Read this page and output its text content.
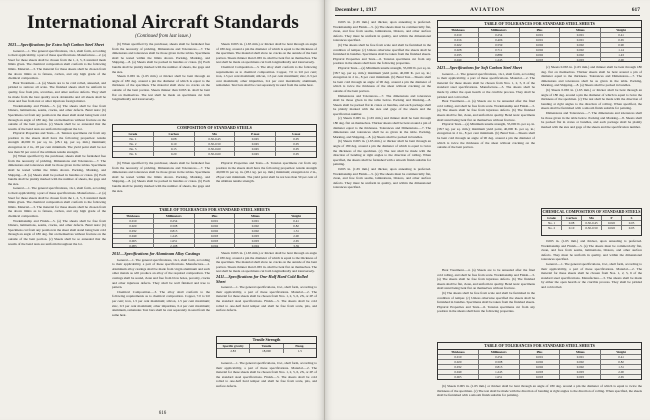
International Aircraft Standards
(Continued from last issue.)
2021—Specifications for Extra Soft Carbon Steel Sheet

General.—1. The general specifications, 1G1, shall form, according to their applicability, a part of these specifications. Manufacture.—2. (a) Steel for these sheets shall be chosen from the 1, 2, 5, 6 standard mesh limits given. The chemical composition shall conform to the following limits. Material.—3. The material for these sheets shall be chosen from the above limits as to fatness, carbon, and any high grade of the chemical composition.

Heat Treatment.—4. (a) Sheets are to be cold rolled, annealed, and pickled to remove all scale. The finished sheets shall be uniform in quality, free from pits, scratches, and other surface defects. They shall be made from the best quality stock obtainable and all sheets shall be clean and free from rust or other injurious foreign matter.

Workmanship and Finish.—5. (a) The sheets shall be free from blisters, laminations, seams, cracks, and other defects. Bend tests: (b) Specimens cut from any position in the sheet shall stand being bent cold through an angle of 180 deg. flat on themselves without fracture on the outside of the bent portion. (c) Sheets shall be so annealed that the results of the bend tests are uniform throughout the lot.

Physical Properties and Tests.—6. Tension specimens cut from any position in the sheets shall have the following properties: tensile strength 40,000 lb per sq. in. (28.1 kg. per sq. mm.) minimum; elongation in 2 in., 28 per cent minimum. The yield point shall be not less than 50 per cent of the ultimate tensile strength.

(b) When specified by the purchaser, sheets shall be furnished free from the necessity of pickling. Dimensions and Tolerances.—7. The dimensions and tolerances shall be those given in the tables. Specimens shall be tested within the limits shown. Packing, Marking, and Shipping.—8. (a) Sheets shall be packed in bundles or crates. (b) Each bundle shall be plainly marked with the number of sheets, the gage and the size.

General.—1. The general specifications, 1G1, shall form, according to their applicability, a part of these specifications. Manufacture.—2. (a) Steel for these sheets shall be chosen from the 1, 2, 5, 6 standard mesh limits given. The chemical composition shall conform to the following limits. Material.—3. The material for these sheets shall be chosen from the above limits as to fatness, carbon, and any high grade of the chemical composition.

Workmanship and Finish.—5. (a) The sheets shall be free from blisters, laminations, seams, cracks, and other defects. Bend tests: (b) Specimens cut from any position in the sheet shall stand being bent cold through an angle of 180 deg. flat on themselves without fracture on the outside of the bent portion. (c) Sheets shall be so annealed that the results of the bend tests are uniform throughout the lot.

(b) When specified by the purchaser, sheets shall be furnished free from the necessity of pickling. Dimensions and Tolerances.—7. The dimensions and tolerances shall be those given in the tables. Specimens shall be tested within the limits shown. Packing, Marking, and Shipping.—8. (a) Sheets shall be packed in bundles or crates. (b) Each bundle shall be plainly marked with the number of sheets, the gage and the size.

Sheets 0.065 in. (1.65 mm.) or thicker shall be bent through an angle of 180 deg. around a pin the diameter of which is equal to the thickness of the specimen. The material shall show no cracks on the outside of the bent portion. Sheets thinner than 0.065 in. shall be bent flat on themselves. The test shall be made on specimens cut both longitudinally and transversely.

Sheets 0.065 in. (1.65 mm.) or thicker shall be bent through an angle of 180 deg. around a pin the diameter of which is equal to the thickness of the specimen. The material shall show no cracks on the outside of the bent portion. Sheets thinner than 0.065 in. shall be bent flat on themselves. The test shall be made on specimens cut both longitudinally and transversely.

Chemical Composition.—3. The alloy shall conform to the following requirements as to chemical composition. Copper, 7.0 to 9.0 per cent; iron, 1.5 per cent maximum; silicon, 1.5 per cent maximum; zinc, 0.3 per cent maximum; other impurities, 0.4 per cent maximum; aluminum, remainder. Test bars shall be cast separately in sand from the same heat.

COMPOSITION OF STANDARD STEELS
Grade	Carbon	Mn	P max	S max
No. 1	0.08	0.30-0.45	0.045	0.05
No. 2	0.10	0.30-0.50	0.045	0.05
No. 5	0.15	0.30-0.60	0.045	0.05
No. 6	0.20	0.30-0.60	0.045	0.05

(b) When specified by the purchaser, sheets shall be furnished free from the necessity of pickling. Dimensions and Tolerances.—7. The dimensions and tolerances shall be those given in the tables. Specimens shall be tested within the limits shown. Packing, Marking, and Shipping.—8. (a) Sheets shall be packed in bundles or crates. (b) Each bundle shall be plainly marked with the number of sheets, the gage and the size.

Physical Properties and Tests.—6. Tension specimens cut from any position in the sheets shall have the following properties: tensile strength 40,000 lb per sq. in. (28.1 kg. per sq. mm.) minimum; elongation in 2 in., 28 per cent minimum. The yield point shall be not less than 50 per cent of the ultimate tensile strength.

TABLE OF TOLERANCES FOR STANDARD STEEL SHEETS
Thickness	Millimeters	Plus	Minus	Weight
0.010	0.254	0.001	0.001	0.41
0.020	0.508	0.002	0.002	0.82
0.032	0.813	0.002	0.002	1.31
0.049	1.245	0.003	0.003	2.00
0.065	1.651	0.003	0.003	2.65
0.083	2.108	0.004	0.004	3.39
2011—Specifications for Aluminum Alloy Castings

General.—1. The general specifications, 1G1, shall form, according to their applicability, a part of these specifications. Manufacture.—2. Aluminum alloy castings shall be made from virgin aluminum and such other metals as will produce an alloy of the required composition. The castings shall be sound, clean and free from blow holes, porosity, cracks and other injurious defects. They shall be well finished and true to pattern.

Chemical Composition.—3. The alloy shall conform to the following requirements as to chemical composition. Copper, 7.0 to 9.0 per cent; iron, 1.5 per cent maximum; silicon, 1.5 per cent maximum; zinc, 0.3 per cent maximum; other impurities, 0.4 per cent maximum; aluminum, remainder. Test bars shall be cast separately in sand from the same heat.

Sheets 0.065 in. (1.65 mm.) or thicker shall be bent through an angle of 180 deg. around a pin the diameter of which is equal to the thickness of the specimen. The material shall show no cracks on the outside of the bent portion. Sheets thinner than 0.065 in. shall be bent flat on themselves. The test shall be made on specimens cut both longitudinally and transversely.

2411—Specifications for One-Half Hard Cold Rolled Sheet

General.—1. The general specifications, 1G1, shall form, according to their applicability, a part of these specifications. Material.—2. The material for these sheets shall be chosen from Nos. 1, 2, 5, 6, 2X, or 2E of the standard steel specifications. Finish.—3. The sheets shall be cold rolled to one-half hard temper and shall be free from scale, pits, and surface defects.

Tensile Strength
Specific gravity	Tensile	Elong.
2.83	18,000	1.5

General.—1. The general specifications, 1G1, shall form, according to their applicability, a part of these specifications. Material.—2. The material for these sheets shall be chosen from Nos. 1, 2, 5, 6, 2X, or 2E of the standard steel specifications. Finish.—3. The sheets shall be cold rolled to one-half hard temper and shall be free from scale, pits, and surface defects.

616
December 1, 1917	AVIATION	617

0.065 in. (1.65 mm.) and thicker, upon annealing is preferred. Workmanship and Finish.—5. (a) The sheets must be commercially flat, clean, and free from seams, laminations, blisters, and other surface defects. They must be uniform in quality, and within the dimensional tolerances specified.

(b) The sheets shall be free from scale and shall be furnished in the condition of temper. (c) Unless otherwise specified the sheets shall be furnished in bundles. Specimens shall be taken from the finished sheets. Physical Properties and Tests.—6. Tension specimens cut from any position in the sheets shall have the following properties.

Physical Tests.—(a) Minimum tensile strength, 55,000 lb. per sq. in. (38.7 kg. per sq. mm.); minimum yield point, 40,000 lb. per sq. in.; elongation in 2 in., 8 per cent minimum. (b) Bend Test.—Sheets shall be bent cold through an angle of 90 deg. around a pin the diameter of which is twice the thickness of the sheet without cracking on the outside of the bent portion.

Dimensions and Tolerances.—7. The dimensions and tolerances shall be those given in the table below. Packing and Marking.—8. Sheets shall be packed flat in crates or bundles, and each package shall be plainly marked with the size and gage of the sheets and the specification number.

(c) Sheets 0.065 in. (1.65 mm.) and thinner shall be bent through 180 deg. flat on themselves. Thicker sheets shall be bent around a pin of diameter equal to the thickness. Tolerances and Dimensions.—7. The dimensions and tolerances shall be as given in the table. Packing, Marking, and Shipping.—8. (a) Sheets shall be packed in bundles.

(b) Sheets 0.065 in. (1.65 mm.) or thicker shall be bent through an angle of 180 deg. around a pin the diameter of which is equal to twice the thickness of the specimen. (c) The test shall be made with the direction of bending at right angles to the direction of rolling. When specified, the sheets shall be furnished with a smooth finish suitable for painting.

0.065 in. (1.65 mm.) and thicker, upon annealing is preferred. Workmanship and Finish.—5. (a) The sheets must be commercially flat, clean, and free from seams, laminations, blisters, and other surface defects. They must be uniform in quality, and within the dimensional tolerances specified.

TABLE OF TOLERANCES FOR STANDARD STEEL SHEETS
Thickness	Millimeters	Plus	Minus	Weight
0.010	0.254	0.001	0.001	0.41
0.016	0.406	0.001	0.001	0.65
0.022	0.559	0.002	0.002	0.90
0.028	0.711	0.002	0.002	1.14
0.035	0.889	0.002	0.002	1.43
0.049	1.245	0.003	0.003	2.00
2421—Specifications for Soft Carbon Steel Sheet

General.—1. The general specifications, 1G1, shall form, according to their applicability, a part of these specifications. Material.—2. The material for these sheets shall be chosen from Nos. 1, 2, 5, 6 of the standard steel specifications. Manufacture.—3. The sheets shall be made by either the open hearth or the crucible process. They shall be pickled and cold rolled.

Heat Treatment.—4. (a) Sheets are to be annealed after the final cold rolling, and shall be free from scale. Workmanship and Finish.—5. (a) The sheets shall be free from injurious defects. (b) The finished sheets shall be flat, clean, and uniform in quality. Bend tests: specimens shall stand being bent flat on themselves without fracture.

Physical Tests.—(a) Minimum tensile strength, 55,000 lb. per sq. in. (38.7 kg. per sq. mm.); minimum yield point, 40,000 lb. per sq. in.; elongation in 2 in., 8 per cent minimum. (b) Bend Test.—Sheets shall be bent cold through an angle of 90 deg. around a pin the diameter of which is twice the thickness of the sheet without cracking on the outside of the bent portion.

(c) Sheets 0.065 in. (1.65 mm.) and thinner shall be bent through 180 deg. flat on themselves. Thicker sheets shall be bent around a pin of diameter equal to the thickness. Tolerances and Dimensions.—7. The dimensions and tolerances shall be as given in the table. Packing, Marking, and Shipping.—8. (a) Sheets shall be packed in bundles.

(b) Sheets 0.065 in. (1.65 mm.) or thicker shall be bent through an angle of 180 deg. around a pin the diameter of which is equal to twice the thickness of the specimen. (c) The test shall be made with the direction of bending at right angles to the direction of rolling. When specified, the sheets shall be furnished with a smooth finish suitable for painting.

Dimensions and Tolerances.—7. The dimensions and tolerances shall be those given in the table below. Packing and Marking.—8. Sheets shall be packed flat in crates or bundles, and each package shall be plainly marked with the size and gage of the sheets and the specification number.

CHEMICAL COMPOSITION OF STANDARD STEELS
Grade	Carbon	Mn	P	S
No. 1	0.08	0.30-0.45	0.045	0.05
No. 2	0.10	0.30-0.50	0.045	0.05

Heat Treatment.—4. (a) Sheets are to be annealed after the final cold rolling, and shall be free from scale. Workmanship and Finish.—5. (a) The sheets shall be free from injurious defects. (b) The finished sheets shall be flat, clean, and uniform in quality. Bend tests: specimens shall stand being bent flat on themselves without fracture.

(b) The sheets shall be free from scale and shall be furnished in the condition of temper. (c) Unless otherwise specified the sheets shall be furnished in bundles. Specimens shall be taken from the finished sheets. Physical Properties and Tests.—6. Tension specimens cut from any position in the sheets shall have the following properties.

0.065 in. (1.65 mm.) and thicker, upon annealing is preferred. Workmanship and Finish.—5. (a) The sheets must be commercially flat, clean, and free from seams, laminations, blisters, and other surface defects. They must be uniform in quality, and within the dimensional tolerances specified.

General.—1. The general specifications, 1G1, shall form, according to their applicability, a part of these specifications. Material.—2. The material for these sheets shall be chosen from Nos. 1, 2, 5, 6 of the standard steel specifications. Manufacture.—3. The sheets shall be made by either the open hearth or the crucible process. They shall be pickled and cold rolled.

TABLE OF TOLERANCES FOR STANDARD STEEL SHEETS
Thickness	Millimeters	Plus	Minus	Weight
0.010	0.254	0.001	0.001	0.41
0.020	0.508	0.002	0.002	0.82
0.032	0.813	0.002	0.002	1.31
0.049	1.245	0.003	0.003	2.00
0.065	1.651	0.003	0.003	2.65

(b) Sheets 0.065 in. (1.65 mm.) or thicker shall be bent through an angle of 180 deg. around a pin the diameter of which is equal to twice the thickness of the specimen. (c) The test shall be made with the direction of bending at right angles to the direction of rolling. When specified, the sheets shall be furnished with a smooth finish suitable for painting.
